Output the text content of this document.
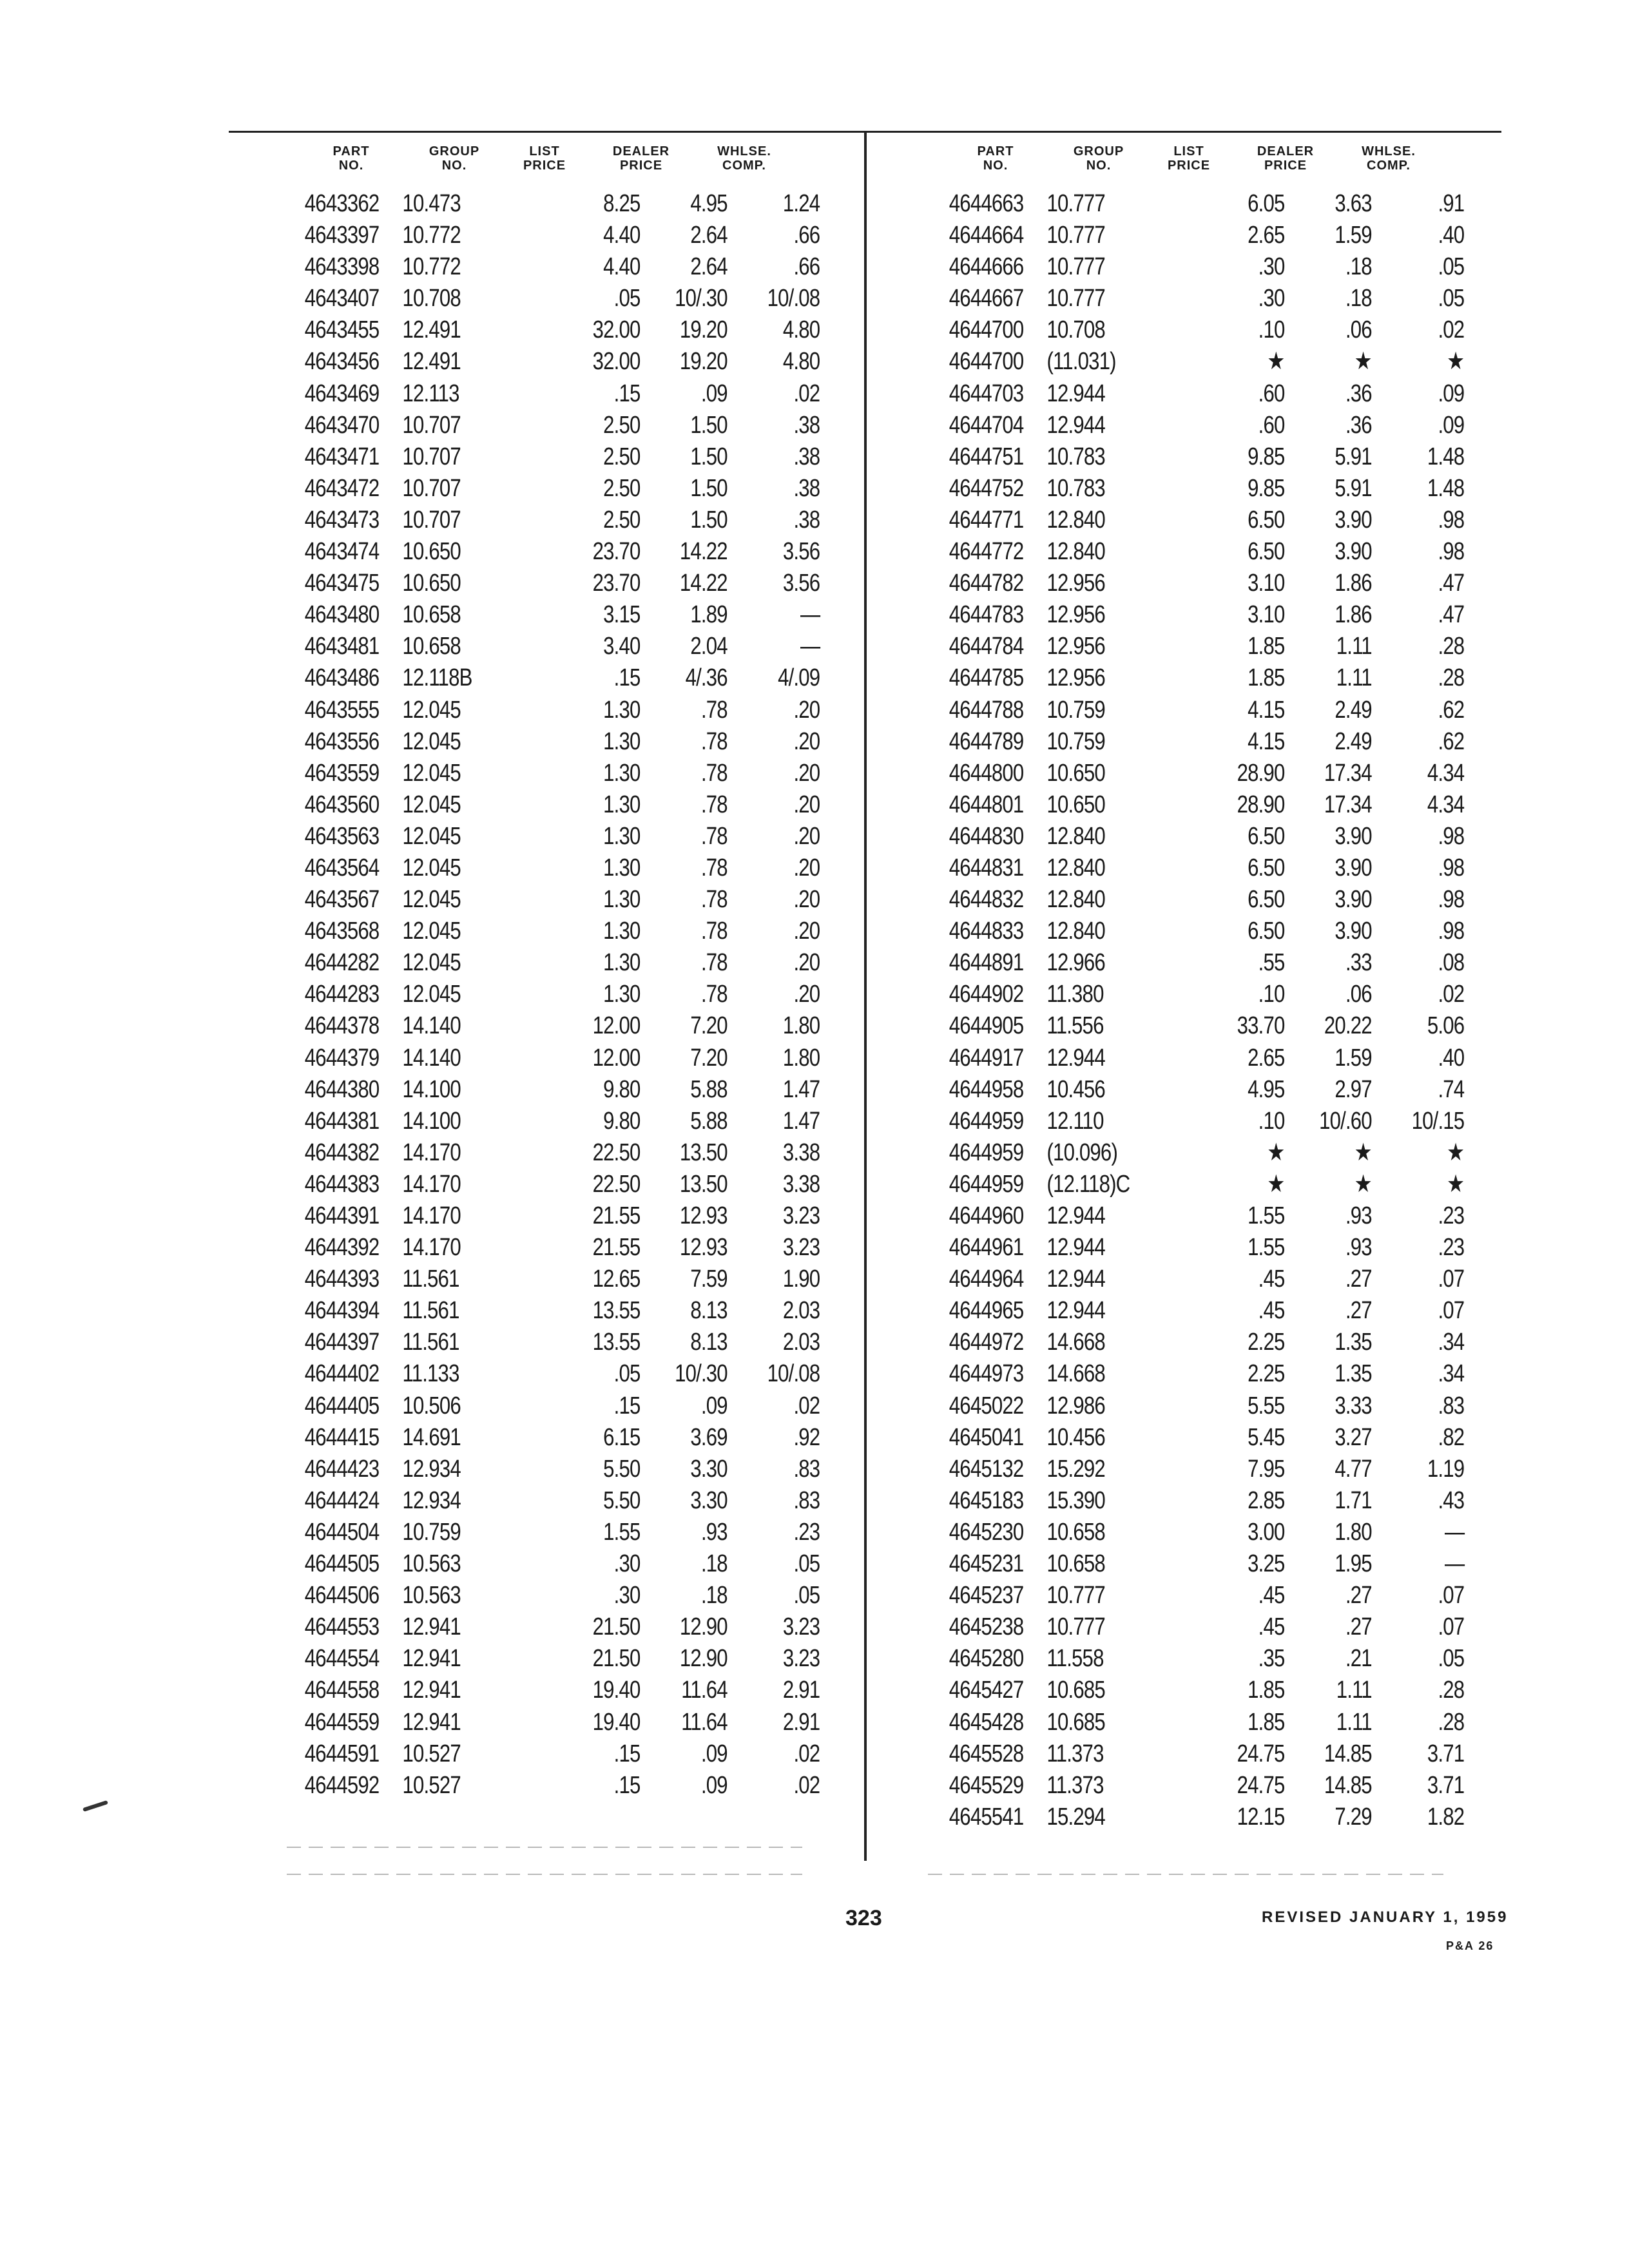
PART
NO.
GROUP
NO.
LIST
PRICE
DEALER
PRICE
WHLSE.
COMP.
4643362 10.473	8.25 4.95 1.24
4643397 10.772	4.40 2.64	.66
4643398 10.772	4.40 2.64	.66
4643407 10.708	.05 10/.30 10/.08
4643455 12.491	32.00 19.20 4.80
4643456 12.491	32.00 19.20 4.80
4643469 12.113	.15 .09	.02
4643470 10.707	2.50 1.50	.38
4643471 10.707	2.50 1.50	.38
4643472 10.707	2.50 1.50	.38
4643473 10.707	2.50 1.50	.38
4643474 10.650	23.70 14.22 3.56
4643475 10.650	23.70 14.22 3.56
4643480 10.658	3.15 1.89	—
4643481 10.658	3.40 2.04	—
4643486 12.118B	.15 4/.36 4/.09
4643555 12.045	1.30 .78	.20
4643556 12.045	1.30 .78	.20
4643559 12.045	1.30 .78	.20
4643560 12.045	1.30 .78	.20
4643563 12.045	1.30 .78	.20
4643564 12.045	1.30 .78	.20
4643567 12.045	1.30 .78	.20
4643568 12.045	1.30 .78	.20
4644282 12.045	1.30 .78	.20
4644283 12.045	1.30 .78	.20
4644378 14.140	12.00 7.20 1.80
4644379 14.140	12.00 7.20 1.80
4644380 14.100	9.80 5.88 1.47
4644381 14.100	9.80 5.88 1.47
4644382 14.170	22.50 13.50 3.38
4644383 14.170	22.50 13.50 3.38
4644391 14.170	21.55 12.93 3.23
4644392 14.170	21.55 12.93 3.23
4644393 11.561	12.65 7.59 1.90
4644394 11.561	13.55 8.13 2.03
4644397 11.561	13.55 8.13 2.03
4644402 11.133	.05 10/.30 10/.08
4644405 10.506	.15 .09	.02
4644415 14.691	6.15 3.69	.92
4644423 12.934	5.50 3.30	.83
4644424 12.934	5.50 3.30	.83
4644504 10.759	1.55 .93	.23
4644505 10.563	.30 .18	.05
4644506 10.563	.30 .18	.05
4644553 12.941	21.50 12.90 3.23
4644554 12.941	21.50 12.90 3.23
4644558 12.941	19.40 11.64 2.91
4644559 12.941	19.40 11.64 2.91
4644591 10.527	.15 .09	.02
4644592 10.527	.15 .09	.02
PART
NO.
GROUP
NO.
LIST
PRICE
DEALER
PRICE
WHLSE.
COMP.
4644663 10.777	6.05 3.63	.91
4644664 10.777	2.65 1.59	.40
4644666 10.777	.30 .18	.05
4644667 10.777	.30 .18	.05
4644700 10.708	.10 .06	.02
4644700 (11.031)	★	★	★
4644703 12.944	.60 .36	.09
4644704 12.944	.60 .36	.09
4644751 10.783	9.85 5.91 1.48
4644752 10.783	9.85 5.91 1.48
4644771 12.840	6.50 3.90	.98
4644772 12.840	6.50 3.90	.98
4644782 12.956	3.10 1.86	.47
4644783 12.956	3.10 1.86	.47
4644784 12.956	1.85 1.11	.28
4644785 12.956	1.85 1.11	.28
4644788 10.759	4.15 2.49	.62
4644789 10.759	4.15 2.49	.62
4644800 10.650	28.90 17.34 4.34
4644801 10.650	28.90 17.34 4.34
4644830 12.840	6.50 3.90	.98
4644831 12.840	6.50 3.90	.98
4644832 12.840	6.50 3.90	.98
4644833 12.840	6.50 3.90	.98
4644891 12.966	.55 .33	.08
4644902 11.380	.10 .06	.02
4644905 11.556	33.70 20.22 5.06
4644917 12.944	2.65 1.59	.40
4644958 10.456	4.95 2.97	.74
4644959 12.110	.10 10/.60 10/.15
4644959 (10.096)	★	★	★
4644959 (12.118)C	★	★	★
4644960 12.944	1.55 .93	.23
4644961 12.944	1.55 .93	.23
4644964 12.944	.45 .27	.07
4644965 12.944	.45 .27	.07
4644972 14.668	2.25 1.35	.34
4644973 14.668	2.25 1.35	.34
4645022 12.986	5.55 3.33	.83
4645041 10.456	5.45 3.27	.82
4645132 15.292	7.95 4.77 1.19
4645183 15.390	2.85 1.71	.43
4645230 10.658	3.00 1.80	—
4645231 10.658	3.25 1.95	—
4645237 10.777	.45 .27	.07
4645238 10.777	.45 .27	.07
4645280 11.558	.35 .21	.05
4645427 10.685	1.85 1.11	.28
4645428 10.685	1.85 1.11	.28
4645528 11.373	24.75 14.85 3.71
4645529 11.373	24.75 14.85 3.71
4645541 15.294	12.15 7.29 1.82
323	REVISED JANUARY 1, 1959
P&A 26
